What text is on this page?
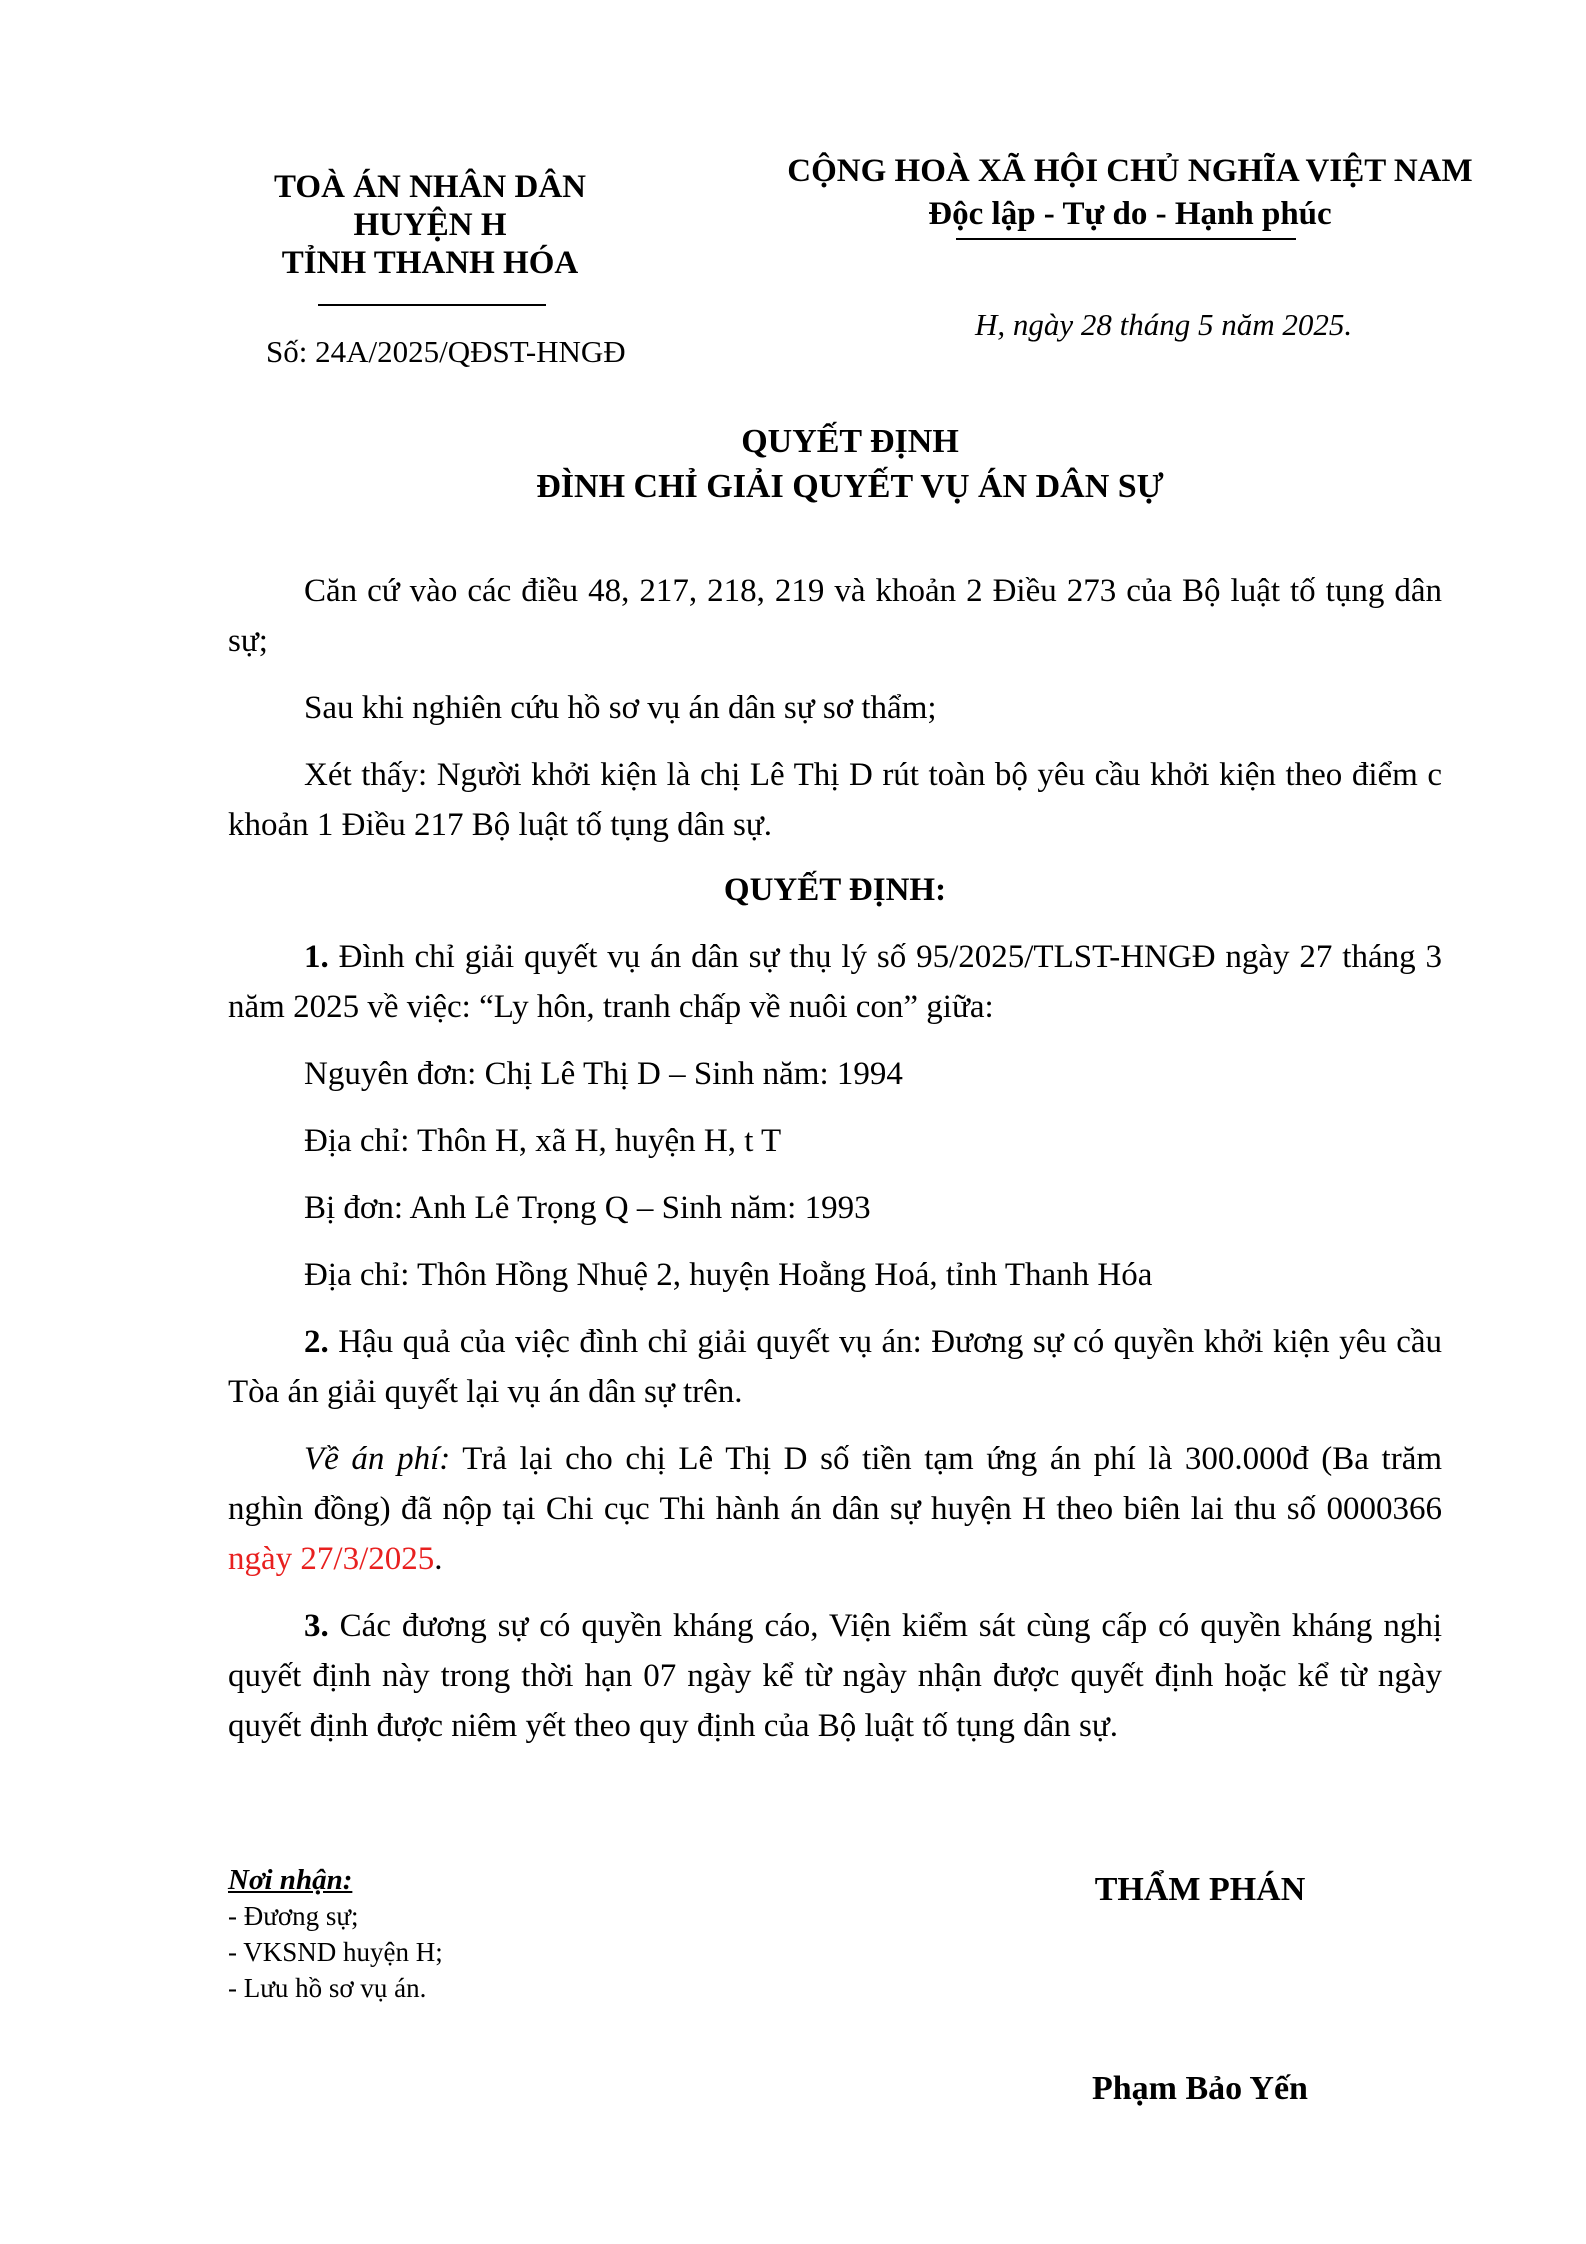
TOÀ ÁN NHÂN DÂN
HUYỆN H
TỈNH THANH HÓA
Số: 24A/2025/QĐST-HNGĐ
CỘNG HOÀ XÃ HỘI CHỦ NGHĨA VIỆT NAM
Độc lập - Tự do - Hạnh phúc
H, ngày 28 tháng 5 năm 2025.
QUYẾT ĐỊNH
ĐÌNH CHỈ GIẢI QUYẾT VỤ ÁN DÂN SỰ

Căn cứ vào các điều 48, 217, 218, 219 và khoản 2 Điều 273 của Bộ luật tố tụng dân sự;

Sau khi nghiên cứu hồ sơ vụ án dân sự sơ thẩm;

Xét thấy: Người khởi kiện là chị Lê Thị D rút toàn bộ yêu cầu khởi kiện theo điểm c khoản 1 Điều 217 Bộ luật tố tụng dân sự.

QUYẾT ĐỊNH:

1. Đình chỉ giải quyết vụ án dân sự thụ lý số 95/2025/TLST-HNGĐ ngày 27 tháng 3 năm 2025 về việc: “Ly hôn, tranh chấp về nuôi con” giữa:

Nguyên đơn: Chị Lê Thị D – Sinh năm: 1994

Địa chỉ: Thôn H, xã H, huyện H, t T

Bị đơn: Anh Lê Trọng Q – Sinh năm: 1993

Địa chỉ: Thôn Hồng Nhuệ 2, huyện Hoằng Hoá, tỉnh Thanh Hóa

2. Hậu quả của việc đình chỉ giải quyết vụ án: Đương sự có quyền khởi kiện yêu cầu Tòa án giải quyết lại vụ án dân sự trên.

Về án phí: Trả lại cho chị Lê Thị D số tiền tạm ứng án phí là 300.000đ (Ba trăm nghìn đồng) đã nộp tại Chi cục Thi hành án dân sự huyện H theo biên lai thu số 0000366 ngày 27/3/2025.

3. Các đương sự có quyền kháng cáo, Viện kiểm sát cùng cấp có quyền kháng nghị quyết định này trong thời hạn 07 ngày kể từ ngày nhận được quyết định hoặc kể từ ngày quyết định được niêm yết theo quy định của Bộ luật tố tụng dân sự.

Nơi nhận:
- Đương sự;
- VKSND huyện H;
- Lưu hồ sơ vụ án.
THẨM PHÁN
Phạm Bảo Yến
